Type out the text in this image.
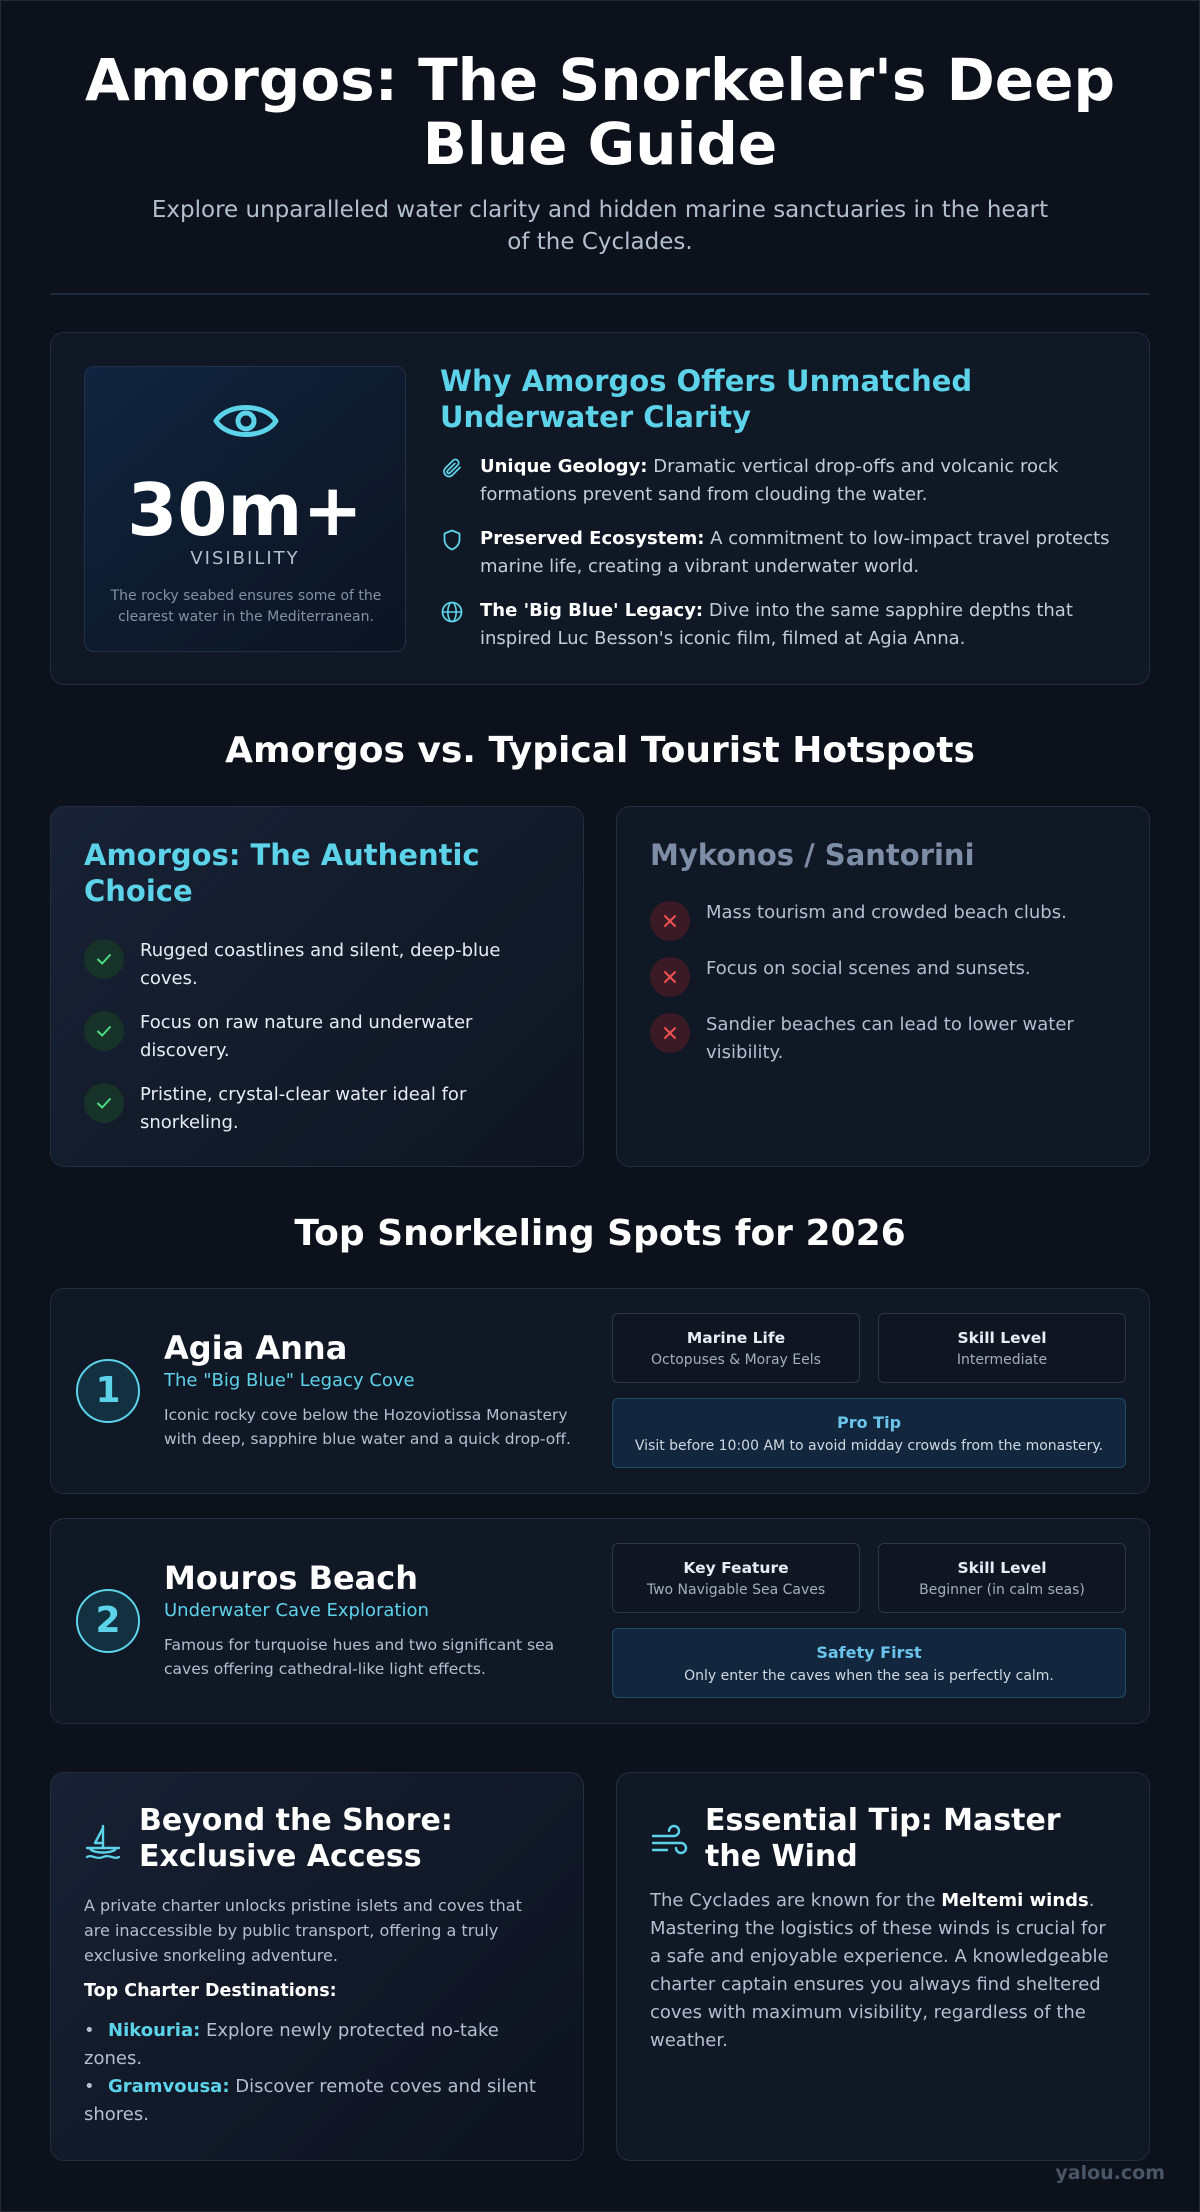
Amorgos: The Snorkeler's Deep Blue Guide

Explore unparalleled water clarity and hidden marine sanctuaries in the heart of the Cyclades.

30m+
VISIBILITY
The rocky seabed ensures some of the clearest water in the Mediterranean.
Why Amorgos Offers Unmatched Underwater Clarity

Unique Geology: Dramatic vertical drop-offs and volcanic rock formations prevent sand from clouding the water.

Preserved Ecosystem: A commitment to low-impact travel protects marine life, creating a vibrant underwater world.

The 'Big Blue' Legacy: Dive into the same sapphire depths that inspired Luc Besson's iconic film, filmed at Agia Anna.

Amorgos vs. Typical Tourist Hotspots
Amorgos: The Authentic Choice

Rugged coastlines and silent, deep-blue coves.

Focus on raw nature and underwater discovery.

Pristine, crystal-clear water ideal for snorkeling.

Mykonos / Santorini

Mass tourism and crowded beach clubs.

Focus on social scenes and sunsets.

Sandier beaches can lead to lower water visibility.

Top Snorkeling Spots for 2026
1
Agia Anna
The "Big Blue" Legacy Cove
Iconic rocky cove below the Hozoviotissa Monastery with deep, sapphire blue water and a quick drop-off.
Marine Life
Octopuses & Moray Eels
Skill Level
Intermediate
Pro Tip
Visit before 10:00 AM to avoid midday crowds from the monastery.
2
Mouros Beach
Underwater Cave Exploration
Famous for turquoise hues and two significant sea caves offering cathedral-like light effects.
Key Feature
Two Navigable Sea Caves
Skill Level
Beginner (in calm seas)
Safety First
Only enter the caves when the sea is perfectly calm.
Beyond the Shore: Exclusive Access

A private charter unlocks pristine islets and coves that are inaccessible by public transport, offering a truly exclusive snorkeling adventure.

Top Charter Destinations:
• Nikouria: Explore newly protected no-take zones.
• Gramvousa: Discover remote coves and silent shores.
Essential Tip: Master the Wind

The Cyclades are known for the Meltemi winds. Mastering the logistics of these winds is crucial for a safe and enjoyable experience. A knowledgeable charter captain ensures you always find sheltered coves with maximum visibility, regardless of the weather.

yalou.com
